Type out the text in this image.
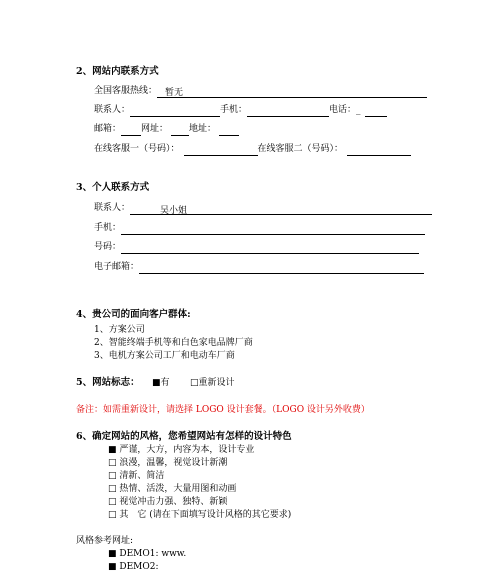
2、网站内联系方式
全国客服热线： 暂无
联系人：	手机：	电话：_
邮箱： 网址： 地址：
在线客服一（号码）：	在线客服二（号码）：
3、个人联系方式
联系人：	吴小姐
手机：
号码：
电子邮箱：
4、贵公司的面向客户群体:
1、方案公司
2、智能终端手机等和白色家电品牌厂商
3、电机方案公司工厂和电动车厂商
5、网站标志： ■有 □重新设计
备注：如需重新设计，请选择 LOGO 设计套餐。（LOGO 设计另外收费）
6、确定网站的风格，您希望网站有怎样的设计特色
■ 严谨，大方，内容为本，设计专业
□ 浪漫，温馨，视觉设计新潮
□ 清新、简洁
□ 热情、活泼，大量用图和动画
□ 视觉冲击力强、独特、新颖
□ 其　它 (请在下面填写设计风格的其它要求)
风格参考网址:
■ DEMO1: www.
■ DEMO2:
